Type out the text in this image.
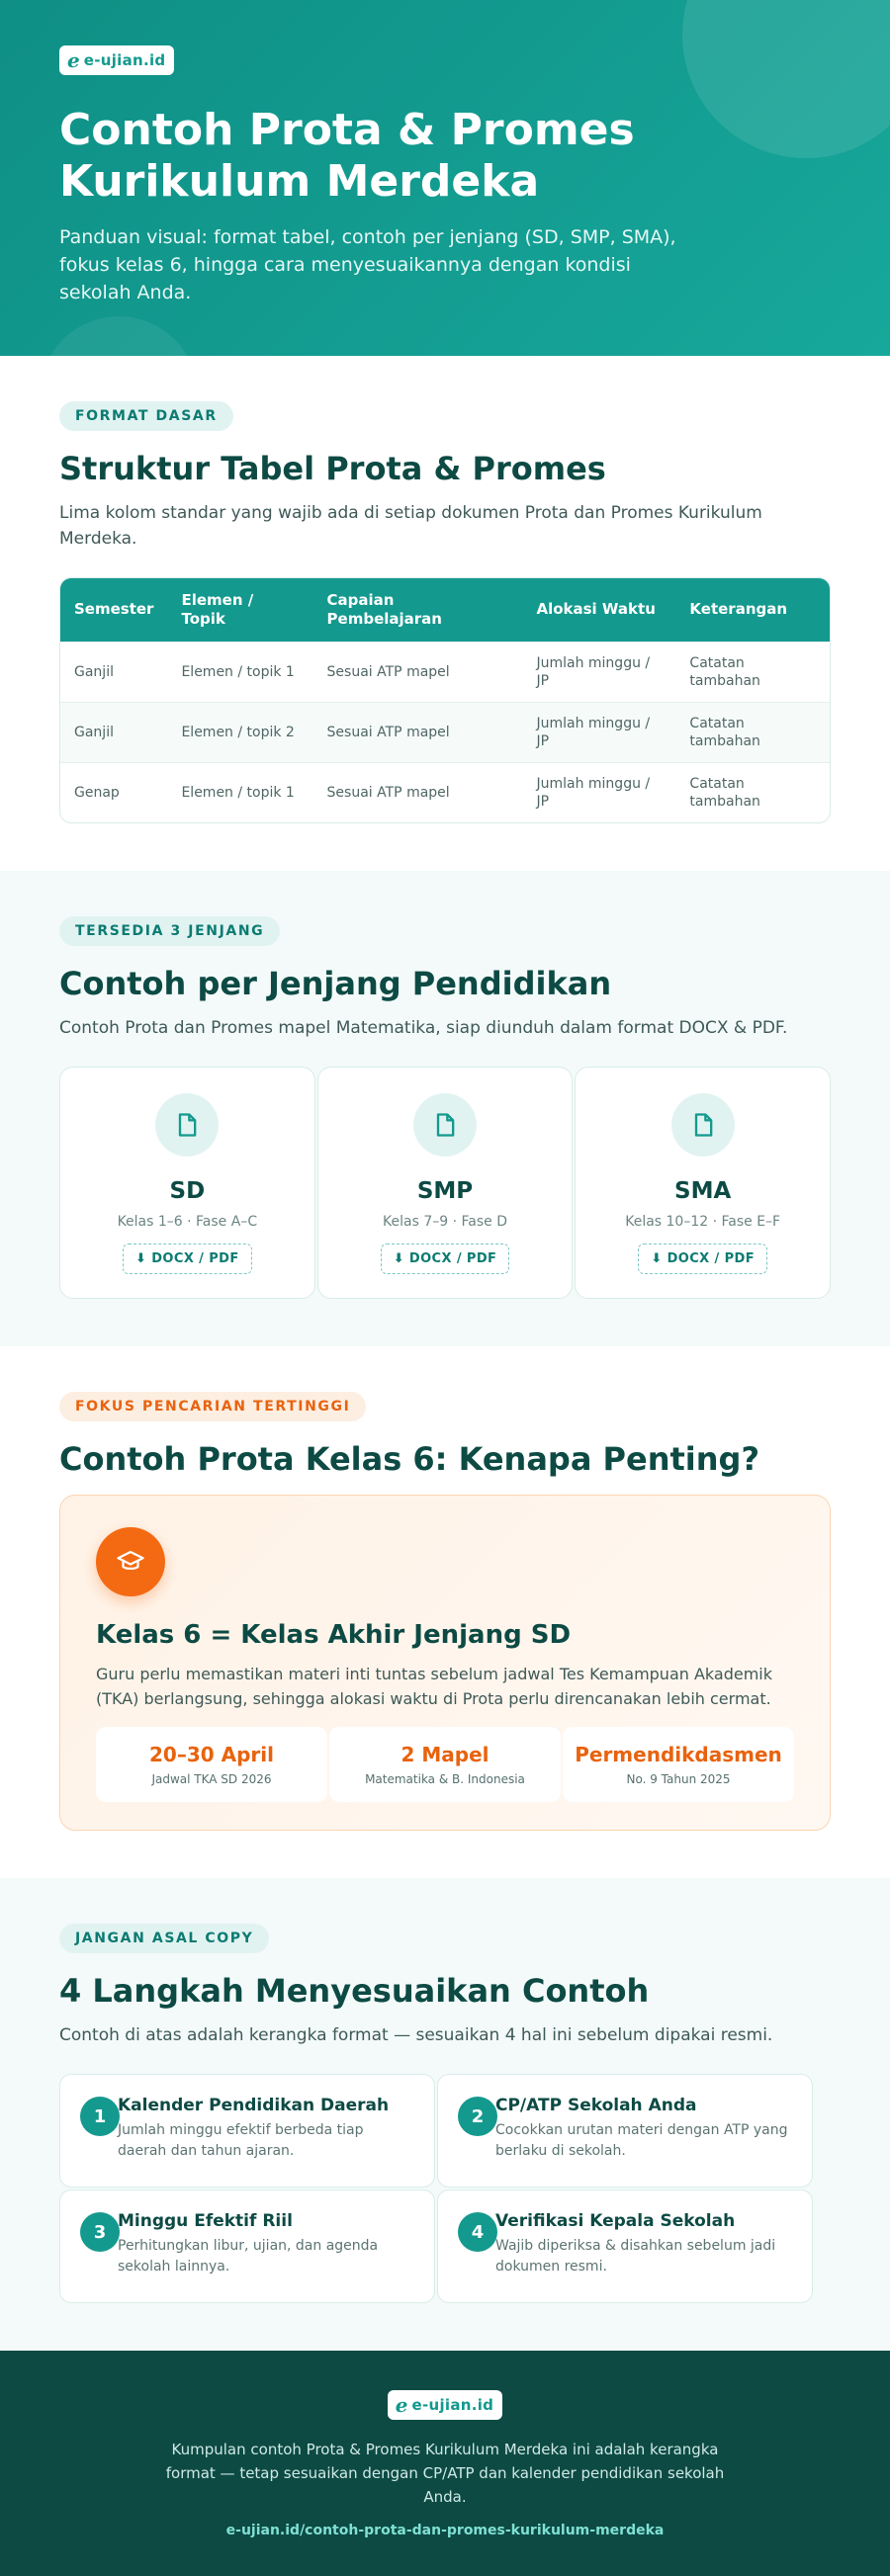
e e-ujian.id
Contoh Prota & Promes Kurikulum Merdeka

Panduan visual: format tabel, contoh per jenjang (SD, SMP, SMA), fokus kelas 6, hingga cara menyesuaikannya dengan kondisi sekolah Anda.

FORMAT DASAR
Struktur Tabel Prota & Promes

Lima kolom standar yang wajib ada di setiap dokumen Prota dan Promes Kurikulum Merdeka.

Semester	Elemen / Topik	Capaian Pembelajaran	Alokasi Waktu	Keterangan
Ganjil	Elemen / topik 1	Sesuai ATP mapel	Jumlah minggu / JP	Catatan tambahan
Ganjil	Elemen / topik 2	Sesuai ATP mapel	Jumlah minggu / JP	Catatan tambahan
Genap	Elemen / topik 1	Sesuai ATP mapel	Jumlah minggu / JP	Catatan tambahan
TERSEDIA 3 JENJANG
Contoh per Jenjang Pendidikan

Contoh Prota dan Promes mapel Matematika, siap diunduh dalam format DOCX & PDF.

SD
Kelas 1–6 · Fase A–C
⬇ DOCX / PDF
SMP
Kelas 7–9 · Fase D
⬇ DOCX / PDF
SMA
Kelas 10–12 · Fase E–F
⬇ DOCX / PDF
FOKUS PENCARIAN TERTINGGI
Contoh Prota Kelas 6: Kenapa Penting?
Kelas 6 = Kelas Akhir Jenjang SD

Guru perlu memastikan materi inti tuntas sebelum jadwal Tes Kemampuan Akademik (TKA) berlangsung, sehingga alokasi waktu di Prota perlu direncanakan lebih cermat.

20–30 April
Jadwal TKA SD 2026
2 Mapel
Matematika & B. Indonesia
Permendikdasmen
No. 9 Tahun 2025
JANGAN ASAL COPY
4 Langkah Menyesuaikan Contoh

Contoh di atas adalah kerangka format — sesuaikan 4 hal ini sebelum dipakai resmi.

1
Kalender Pendidikan Daerah
Jumlah minggu efektif berbeda tiap daerah dan tahun ajaran.
2
CP/ATP Sekolah Anda
Cocokkan urutan materi dengan ATP yang berlaku di sekolah.
3
Minggu Efektif Riil
Perhitungkan libur, ujian, dan agenda sekolah lainnya.
4
Verifikasi Kepala Sekolah
Wajib diperiksa & disahkan sebelum jadi dokumen resmi.
e e-ujian.id

Kumpulan contoh Prota & Promes Kurikulum Merdeka ini adalah kerangka format — tetap sesuaikan dengan CP/ATP dan kalender pendidikan sekolah Anda.

e-ujian.id/contoh-prota-dan-promes-kurikulum-merdeka
